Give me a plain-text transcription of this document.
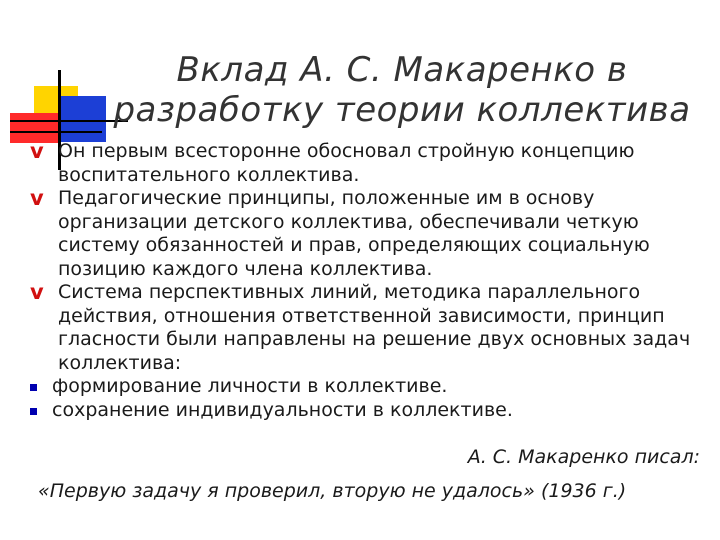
Вклад А. С. Макаренко в разработку теории коллектива
v Он первым всесторонне обосновал стройную концепцию воспитательного коллектива.
v Педагогические принципы, положенные им в основу организации детского коллектива, обеспечивали четкую систему обязанностей и прав, определяющих социальную позицию каждого члена коллектива.
v Система перспективных линий, методика параллельного действия, отношения ответственной зависимости, принцип гласности были направлены на решение двух основных задач коллектива:
формирование личности в коллективе.
сохранение индивидуальности в коллективе.
А. С. Макаренко писал:
«Первую задачу я проверил, вторую не удалось» (1936 г.)
